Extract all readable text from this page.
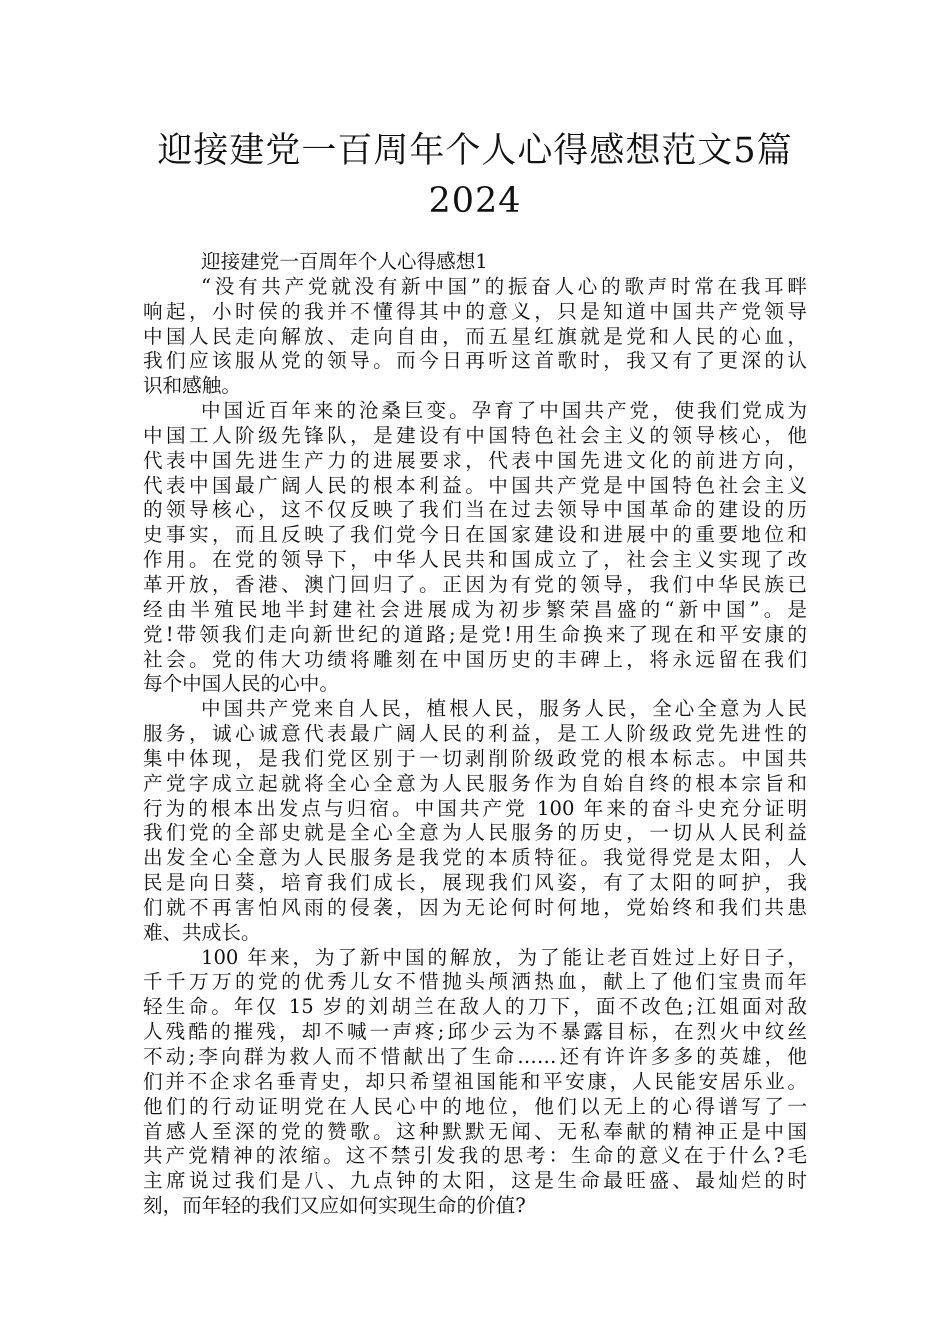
迎接建党一百周年个人心得感想范文5篇
2024
迎接建党一百周年个人心得感想1
“没有共产党就没有新中国”的振奋人心的歌声时常在我耳畔
响起，小时侯的我并不懂得其中的意义，只是知道中国共产党领导
中国人民走向解放、走向自由，而五星红旗就是党和人民的心血，
我们应该服从党的领导。而今日再听这首歌时，我又有了更深的认
识和感触。
中国近百年来的沧桑巨变。孕育了中国共产党，使我们党成为
中国工人阶级先锋队，是建设有中国特色社会主义的领导核心，他
代表中国先进生产力的进展要求，代表中国先进文化的前进方向，
代表中国最广阔人民的根本利益。中国共产党是中国特色社会主义
的领导核心，这不仅反映了我们当在过去领导中国革命的建设的历
史事实，而且反映了我们党今日在国家建设和进展中的重要地位和
作用。在党的领导下，中华人民共和国成立了，社会主义实现了改
革开放，香港、澳门回归了。正因为有党的领导，我们中华民族已
经由半殖民地半封建社会进展成为初步繁荣昌盛的“新中国”。是
党!带领我们走向新世纪的道路;是党!用生命换来了现在和平安康的
社会。党的伟大功绩将雕刻在中国历史的丰碑上，将永远留在我们
每个中国人民的心中。
中国共产党来自人民，植根人民，服务人民，全心全意为人民
服务，诚心诚意代表最广阔人民的利益，是工人阶级政党先进性的
集中体现，是我们党区别于一切剥削阶级政党的根本标志。中国共
产党字成立起就将全心全意为人民服务作为自始自终的根本宗旨和
行为的根本出发点与归宿。中国共产党 100 年来的奋斗史充分证明
我们党的全部史就是全心全意为人民服务的历史，一切从人民利益
出发全心全意为人民服务是我党的本质特征。我觉得党是太阳，人
民是向日葵，培育我们成长，展现我们风姿，有了太阳的呵护，我
们就不再害怕风雨的侵袭，因为无论何时何地，党始终和我们共患
难、共成长。
100 年来，为了新中国的解放，为了能让老百姓过上好日子，
千千万万的党的优秀儿女不惜抛头颅洒热血，献上了他们宝贵而年
轻生命。年仅 15 岁的刘胡兰在敌人的刀下，面不改色;江姐面对敌
人残酷的摧残，却不喊一声疼;邱少云为不暴露目标，在烈火中纹丝
不动;李向群为救人而不惜献出了生命……还有许许多多的英雄，他
们并不企求名垂青史，却只希望祖国能和平安康，人民能安居乐业。
他们的行动证明党在人民心中的地位，他们以无上的心得谱写了一
首感人至深的党的赞歌。这种默默无闻、无私奉献的精神正是中国
共产党精神的浓缩。这不禁引发我的思考：生命的意义在于什么?毛
主席说过我们是八、九点钟的太阳，这是生命最旺盛、最灿烂的时
刻，而年轻的我们又应如何实现生命的价值?
